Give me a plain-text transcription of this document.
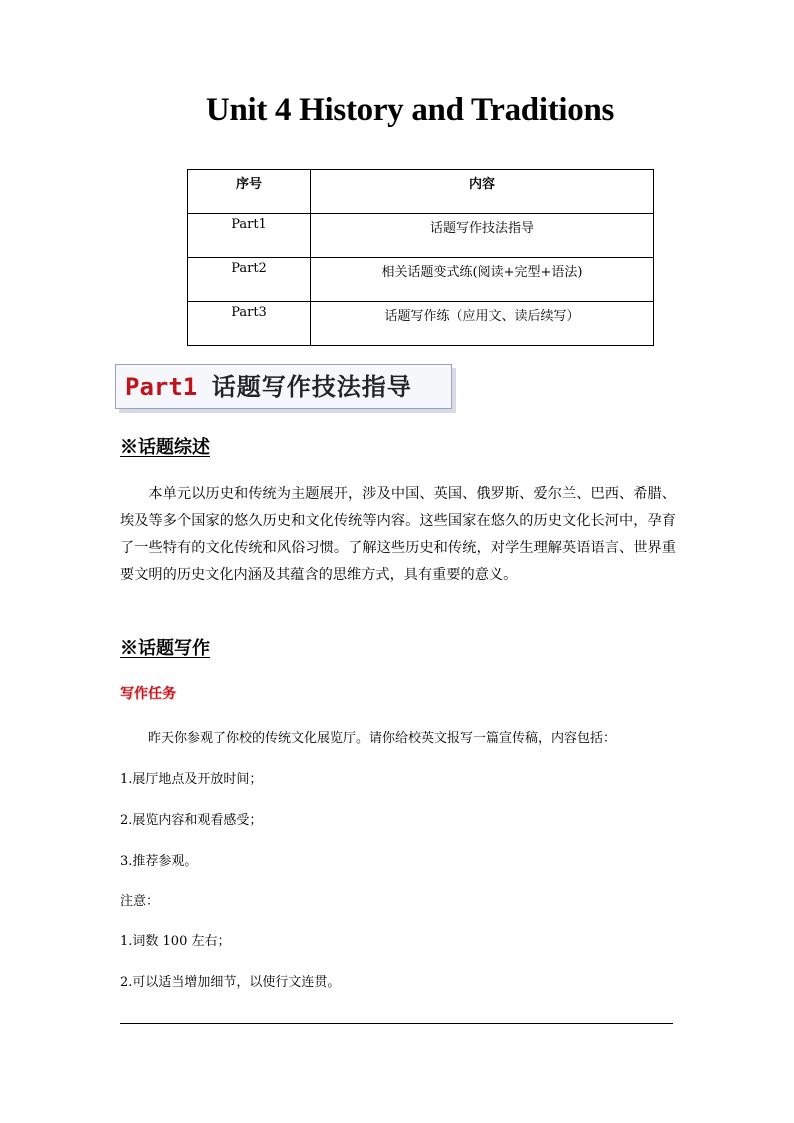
Unit 4 History and Traditions
序号	内容
Part1	话题写作技法指导
Part2	相关话题变式练(阅读+完型+语法)
Part3	话题写作练（应用文、读后续写）
Part1 话题写作技法指导
※话题综述

本单元以历史和传统为主题展开，涉及中国、英国、俄罗斯、爱尔兰、巴西、希腊、埃及等多个国家的悠久历史和文化传统等内容。这些国家在悠久的历史文化长河中，孕育了一些特有的文化传统和风俗习惯。了解这些历史和传统，对学生理解英语语言、世界重要文明的历史文化内涵及其蕴含的思维方式，具有重要的意义。

※话题写作
写作任务
昨天你参观了你校的传统文化展览厅。请你给校英文报写一篇宣传稿，内容包括：
1.展厅地点及开放时间；
2.展览内容和观看感受；
3.推荐参观。
注意：
1.词数 100 左右；
2.可以适当增加细节，以使行文连贯。
